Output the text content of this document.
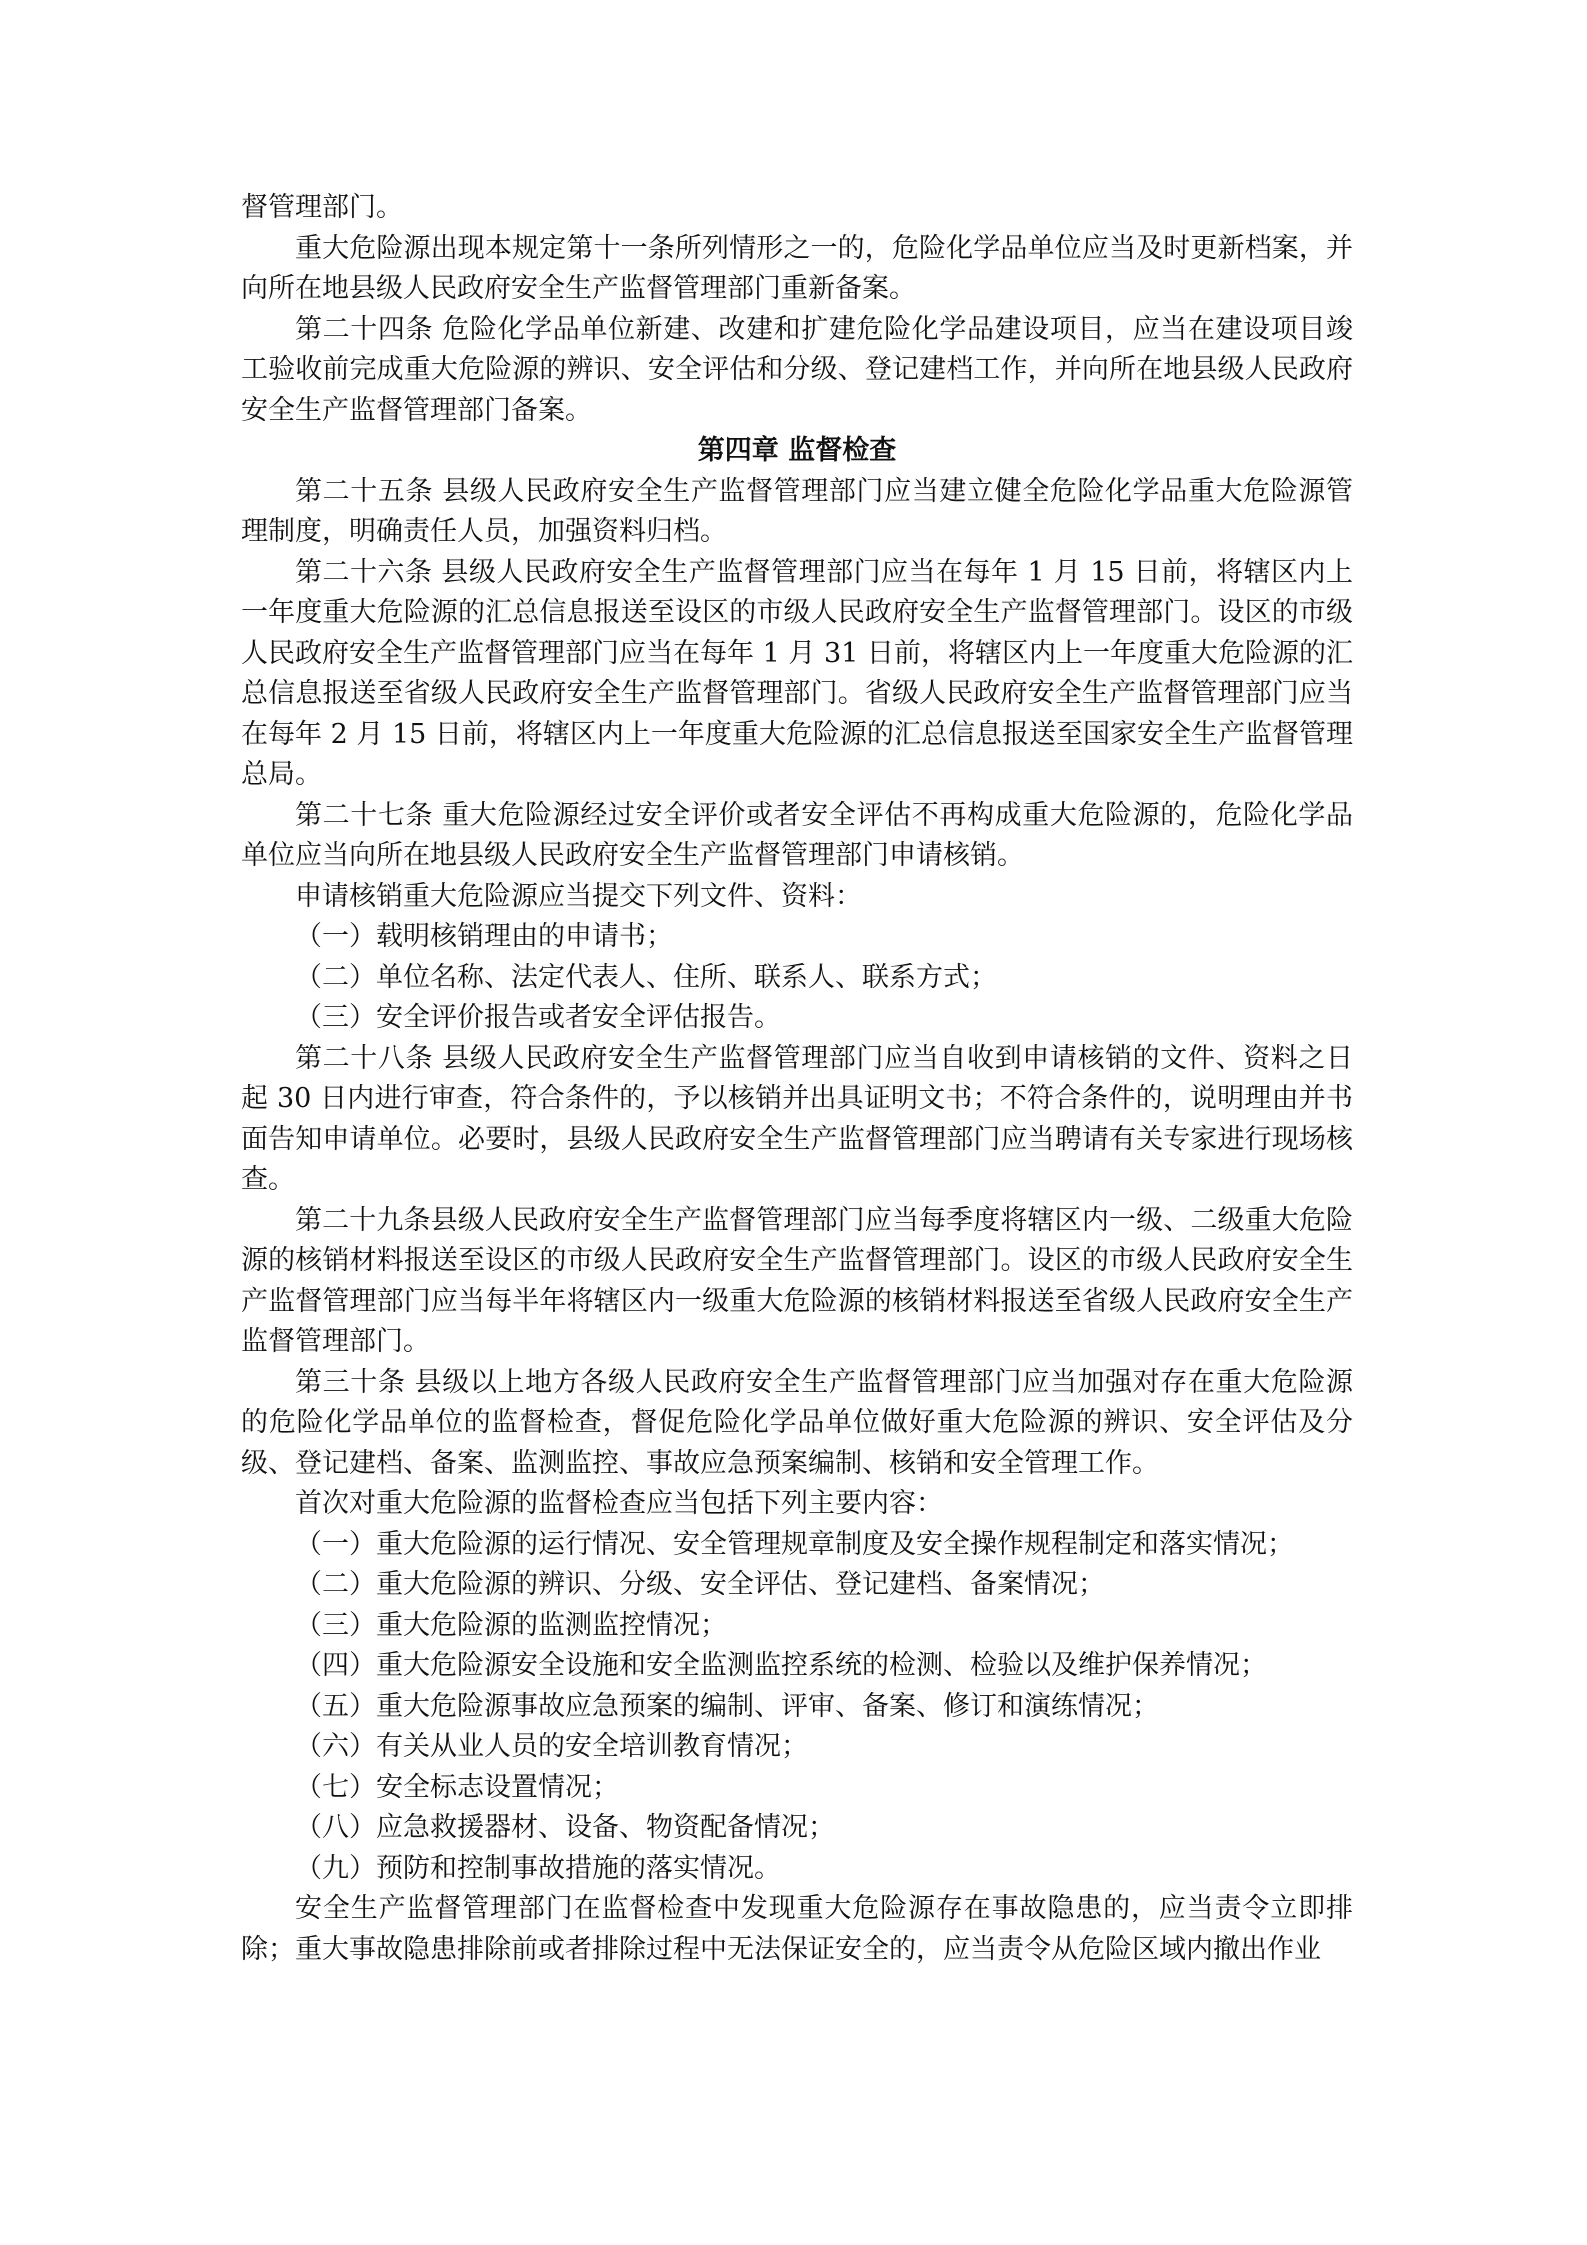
督管理部门。

重大危险源出现本规定第十一条所列情形之一的，危险化学品单位应当及时更新档案，并向所在地县级人民政府安全生产监督管理部门重新备案。

第二十四条 危险化学品单位新建、改建和扩建危险化学品建设项目，应当在建设项目竣工验收前完成重大危险源的辨识、安全评估和分级、登记建档工作，并向所在地县级人民政府安全生产监督管理部门备案。

第四章 监督检查

第二十五条 县级人民政府安全生产监督管理部门应当建立健全危险化学品重大危险源管理制度，明确责任人员，加强资料归档。

第二十六条 县级人民政府安全生产监督管理部门应当在每年 1 月 15 日前，将辖区内上一年度重大危险源的汇总信息报送至设区的市级人民政府安全生产监督管理部门。设区的市级人民政府安全生产监督管理部门应当在每年 1 月 31 日前，将辖区内上一年度重大危险源的汇总信息报送至省级人民政府安全生产监督管理部门。省级人民政府安全生产监督管理部门应当在每年 2 月 15 日前，将辖区内上一年度重大危险源的汇总信息报送至国家安全生产监督管理总局。

第二十七条 重大危险源经过安全评价或者安全评估不再构成重大危险源的，危险化学品单位应当向所在地县级人民政府安全生产监督管理部门申请核销。

申请核销重大危险源应当提交下列文件、资料：

（一）载明核销理由的申请书；

（二）单位名称、法定代表人、住所、联系人、联系方式；

（三）安全评价报告或者安全评估报告。

第二十八条 县级人民政府安全生产监督管理部门应当自收到申请核销的文件、资料之日起 30 日内进行审查，符合条件的，予以核销并出具证明文书；不符合条件的，说明理由并书面告知申请单位。必要时，县级人民政府安全生产监督管理部门应当聘请有关专家进行现场核查。

第二十九条县级人民政府安全生产监督管理部门应当每季度将辖区内一级、二级重大危险源的核销材料报送至设区的市级人民政府安全生产监督管理部门。设区的市级人民政府安全生产监督管理部门应当每半年将辖区内一级重大危险源的核销材料报送至省级人民政府安全生产监督管理部门。

第三十条 县级以上地方各级人民政府安全生产监督管理部门应当加强对存在重大危险源的危险化学品单位的监督检查，督促危险化学品单位做好重大危险源的辨识、安全评估及分级、登记建档、备案、监测监控、事故应急预案编制、核销和安全管理工作。

首次对重大危险源的监督检查应当包括下列主要内容：

（一）重大危险源的运行情况、安全管理规章制度及安全操作规程制定和落实情况；

（二）重大危险源的辨识、分级、安全评估、登记建档、备案情况；

（三）重大危险源的监测监控情况；

（四）重大危险源安全设施和安全监测监控系统的检测、检验以及维护保养情况；

（五）重大危险源事故应急预案的编制、评审、备案、修订和演练情况；

（六）有关从业人员的安全培训教育情况；

（七）安全标志设置情况；

（八）应急救援器材、设备、物资配备情况；

（九）预防和控制事故措施的落实情况。

安全生产监督管理部门在监督检查中发现重大危险源存在事故隐患的，应当责令立即排除；重大事故隐患排除前或者排除过程中无法保证安全的，应当责令从危险区域内撤出作业
